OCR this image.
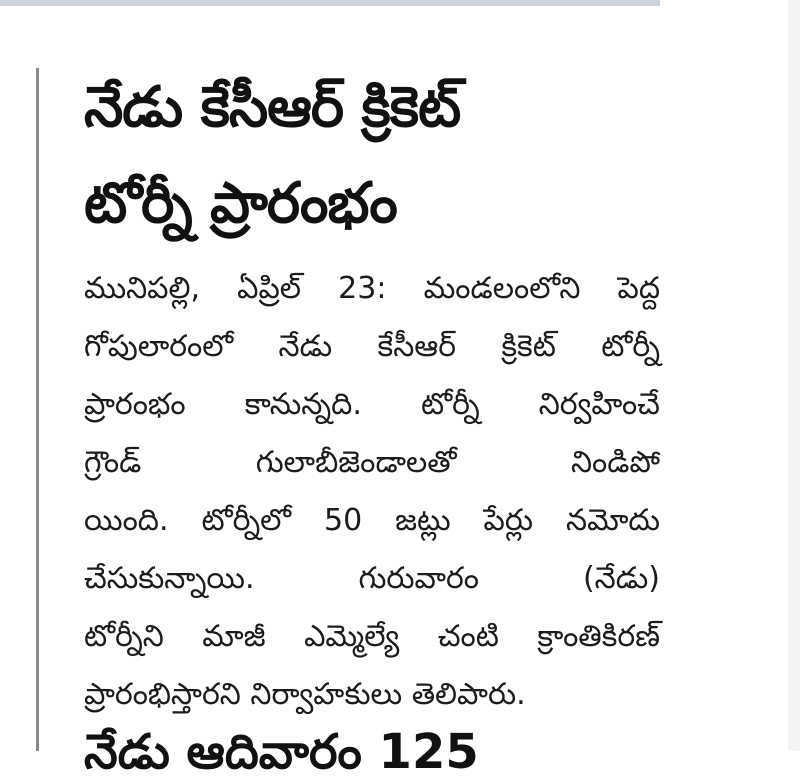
నేడు కేసీఆర్ క్రికెట్
టోర్నీ ప్రారంభం
మునిపల్లి, ఏప్రిల్ 23: మండలంలోని పెద్ద
గోపులారంలో నేడు కేసీఆర్ క్రికెట్ టోర్నీ
ప్రారంభం కానున్నది. టోర్నీ నిర్వహించే
గ్రౌండ్ గులాబీజెండాలతో నిండిపో
యింది. టోర్నీలో 50 జట్లు పేర్లు నమోదు
చేసుకున్నాయి. గురువారం (నేడు)
టోర్నీని మాజీ ఎమ్మెల్యే చంటి క్రాంతికిరణ్
ప్రారంభిస్తారని నిర్వాహకులు తెలిపారు.
నేడు ఆదివారం 125
